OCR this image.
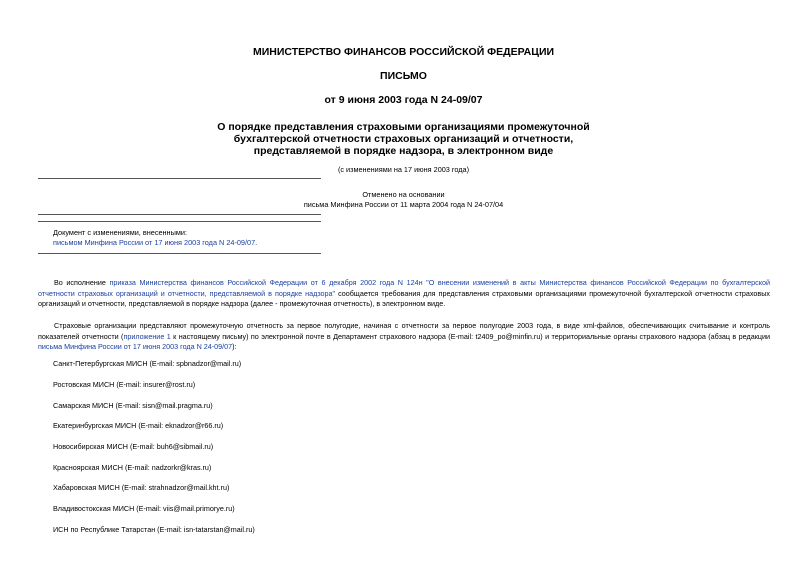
МИНИСТЕРСТВО ФИНАНСОВ РОССИЙСКОЙ ФЕДЕРАЦИИ
ПИСЬМО
от 9 июня 2003 года N 24-09/07
О порядке представления страховыми организациями промежуточной
бухгалтерской отчетности страховых организаций и отчетности,
представляемой в порядке надзора, в электронном виде
(с изменениями на 17 июня 2003 года)
Отменено на основании
письма Минфина России от 11 марта 2004 года N 24-07/04
Документ с изменениями, внесенными:
письмом Минфина России от 17 июня 2003 года N 24-09/07.
Во исполнение приказа Министерства финансов Российской Федерации от 6 декабря 2002 года N 124н "О внесении изменений в акты Министерства финансов Российской Федерации по бухгалтерской отчетности страховых организаций и отчетности, представляемой в порядке надзора" сообщается требования для представления страховыми организациями промежуточной бухгалтерской отчетности страховых организаций и отчетности, представляемой в порядке надзора (далее - промежуточная отчетность), в электронном виде.
Страховые организации представляют промежуточную отчетность за первое полугодие, начиная с отчетности за первое полугодие 2003 года, в виде xml-файлов, обеспечивающих считывание и контроль показателей отчетности (приложение 1 к настоящему письму) по электронной почте в Департамент страхового надзора (E-mail: t2409_po@minfin.ru) и территориальные органы страхового надзора (абзац в редакции письма Минфина России от 17 июня 2003 года N 24-09/07):
Санкт-Петербургская МИСН (E-mail: spbnadzor@mail.ru)
Ростовская МИСН (E-mail: insurer@rost.ru)
Самарская МИСН (E-mail: sisn@mail.pragma.ru)
Екатеринбургская МИСН (E-mail: eknadzor@r66.ru)
Новосибирская МИСН (E-mail: buh6@sibmail.ru)
Красноярская МИСН (E-mail: nadzorkr@kras.ru)
Хабаровская МИСН (E-mail: strahnadzor@mail.kht.ru)
Владивостокская МИСН (E-mail: viis@mail.primorye.ru)
ИСН по Республике Татарстан (E-mail: isn-tatarstan@mail.ru)
